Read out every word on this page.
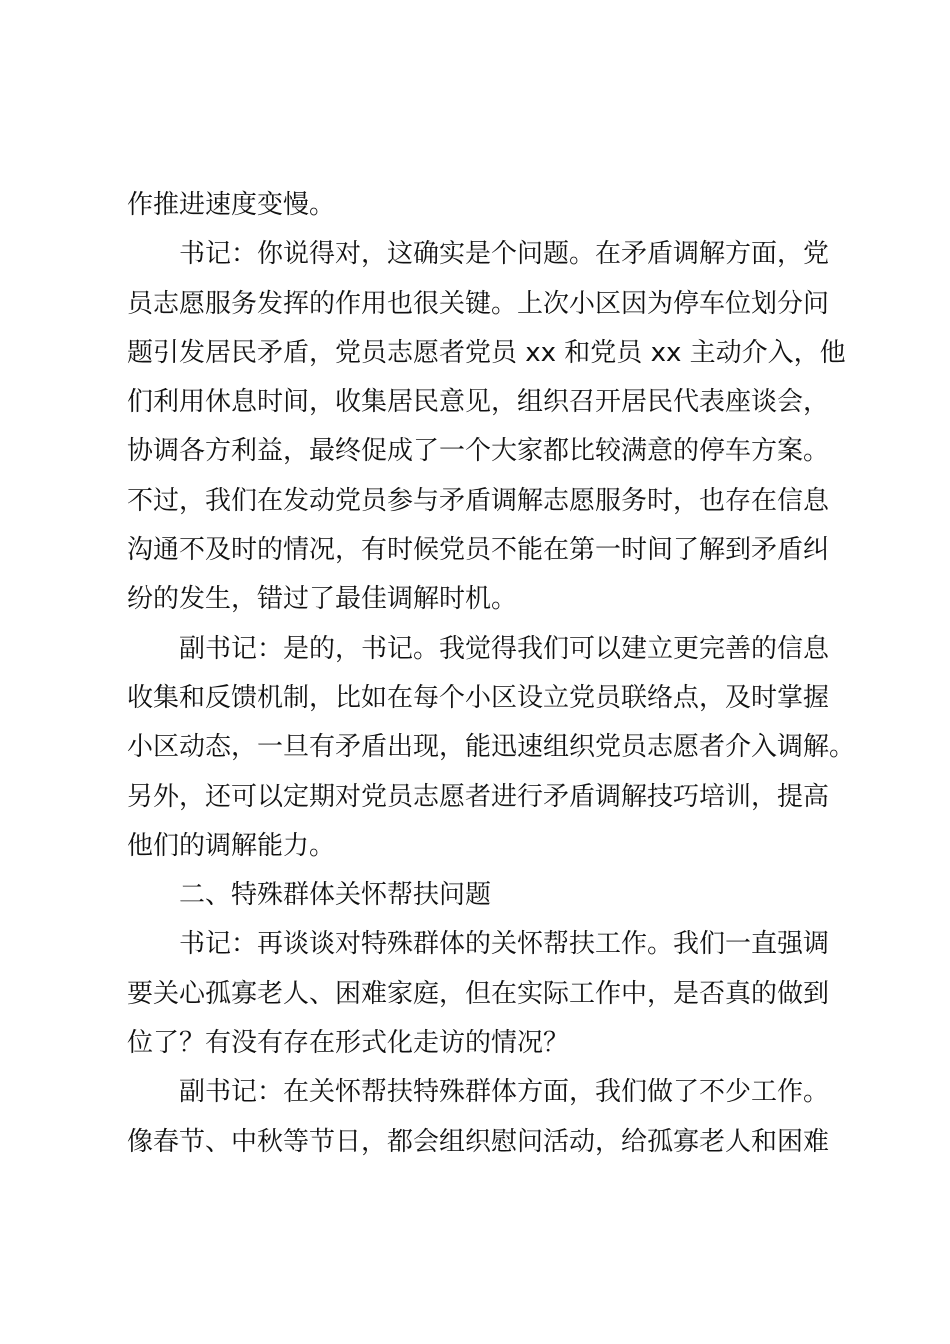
作推进速度变慢。
书记：你说得对，这确实是个问题。在矛盾调解方面，党
员志愿服务发挥的作用也很关键。上次小区因为停车位划分问
题引发居民矛盾，党员志愿者党员 xx 和党员 xx 主动介入，他
们利用休息时间，收集居民意见，组织召开居民代表座谈会，
协调各方利益，最终促成了一个大家都比较满意的停车方案。
不过，我们在发动党员参与矛盾调解志愿服务时，也存在信息
沟通不及时的情况，有时候党员不能在第一时间了解到矛盾纠
纷的发生，错过了最佳调解时机。
副书记：是的，书记。我觉得我们可以建立更完善的信息
收集和反馈机制，比如在每个小区设立党员联络点，及时掌握
小区动态，一旦有矛盾出现，能迅速组织党员志愿者介入调解。
另外，还可以定期对党员志愿者进行矛盾调解技巧培训，提高
他们的调解能力。
二、特殊群体关怀帮扶问题
书记：再谈谈对特殊群体的关怀帮扶工作。我们一直强调
要关心孤寡老人、困难家庭，但在实际工作中，是否真的做到
位了？有没有存在形式化走访的情况？
副书记：在关怀帮扶特殊群体方面，我们做了不少工作。
像春节、中秋等节日，都会组织慰问活动，给孤寡老人和困难
